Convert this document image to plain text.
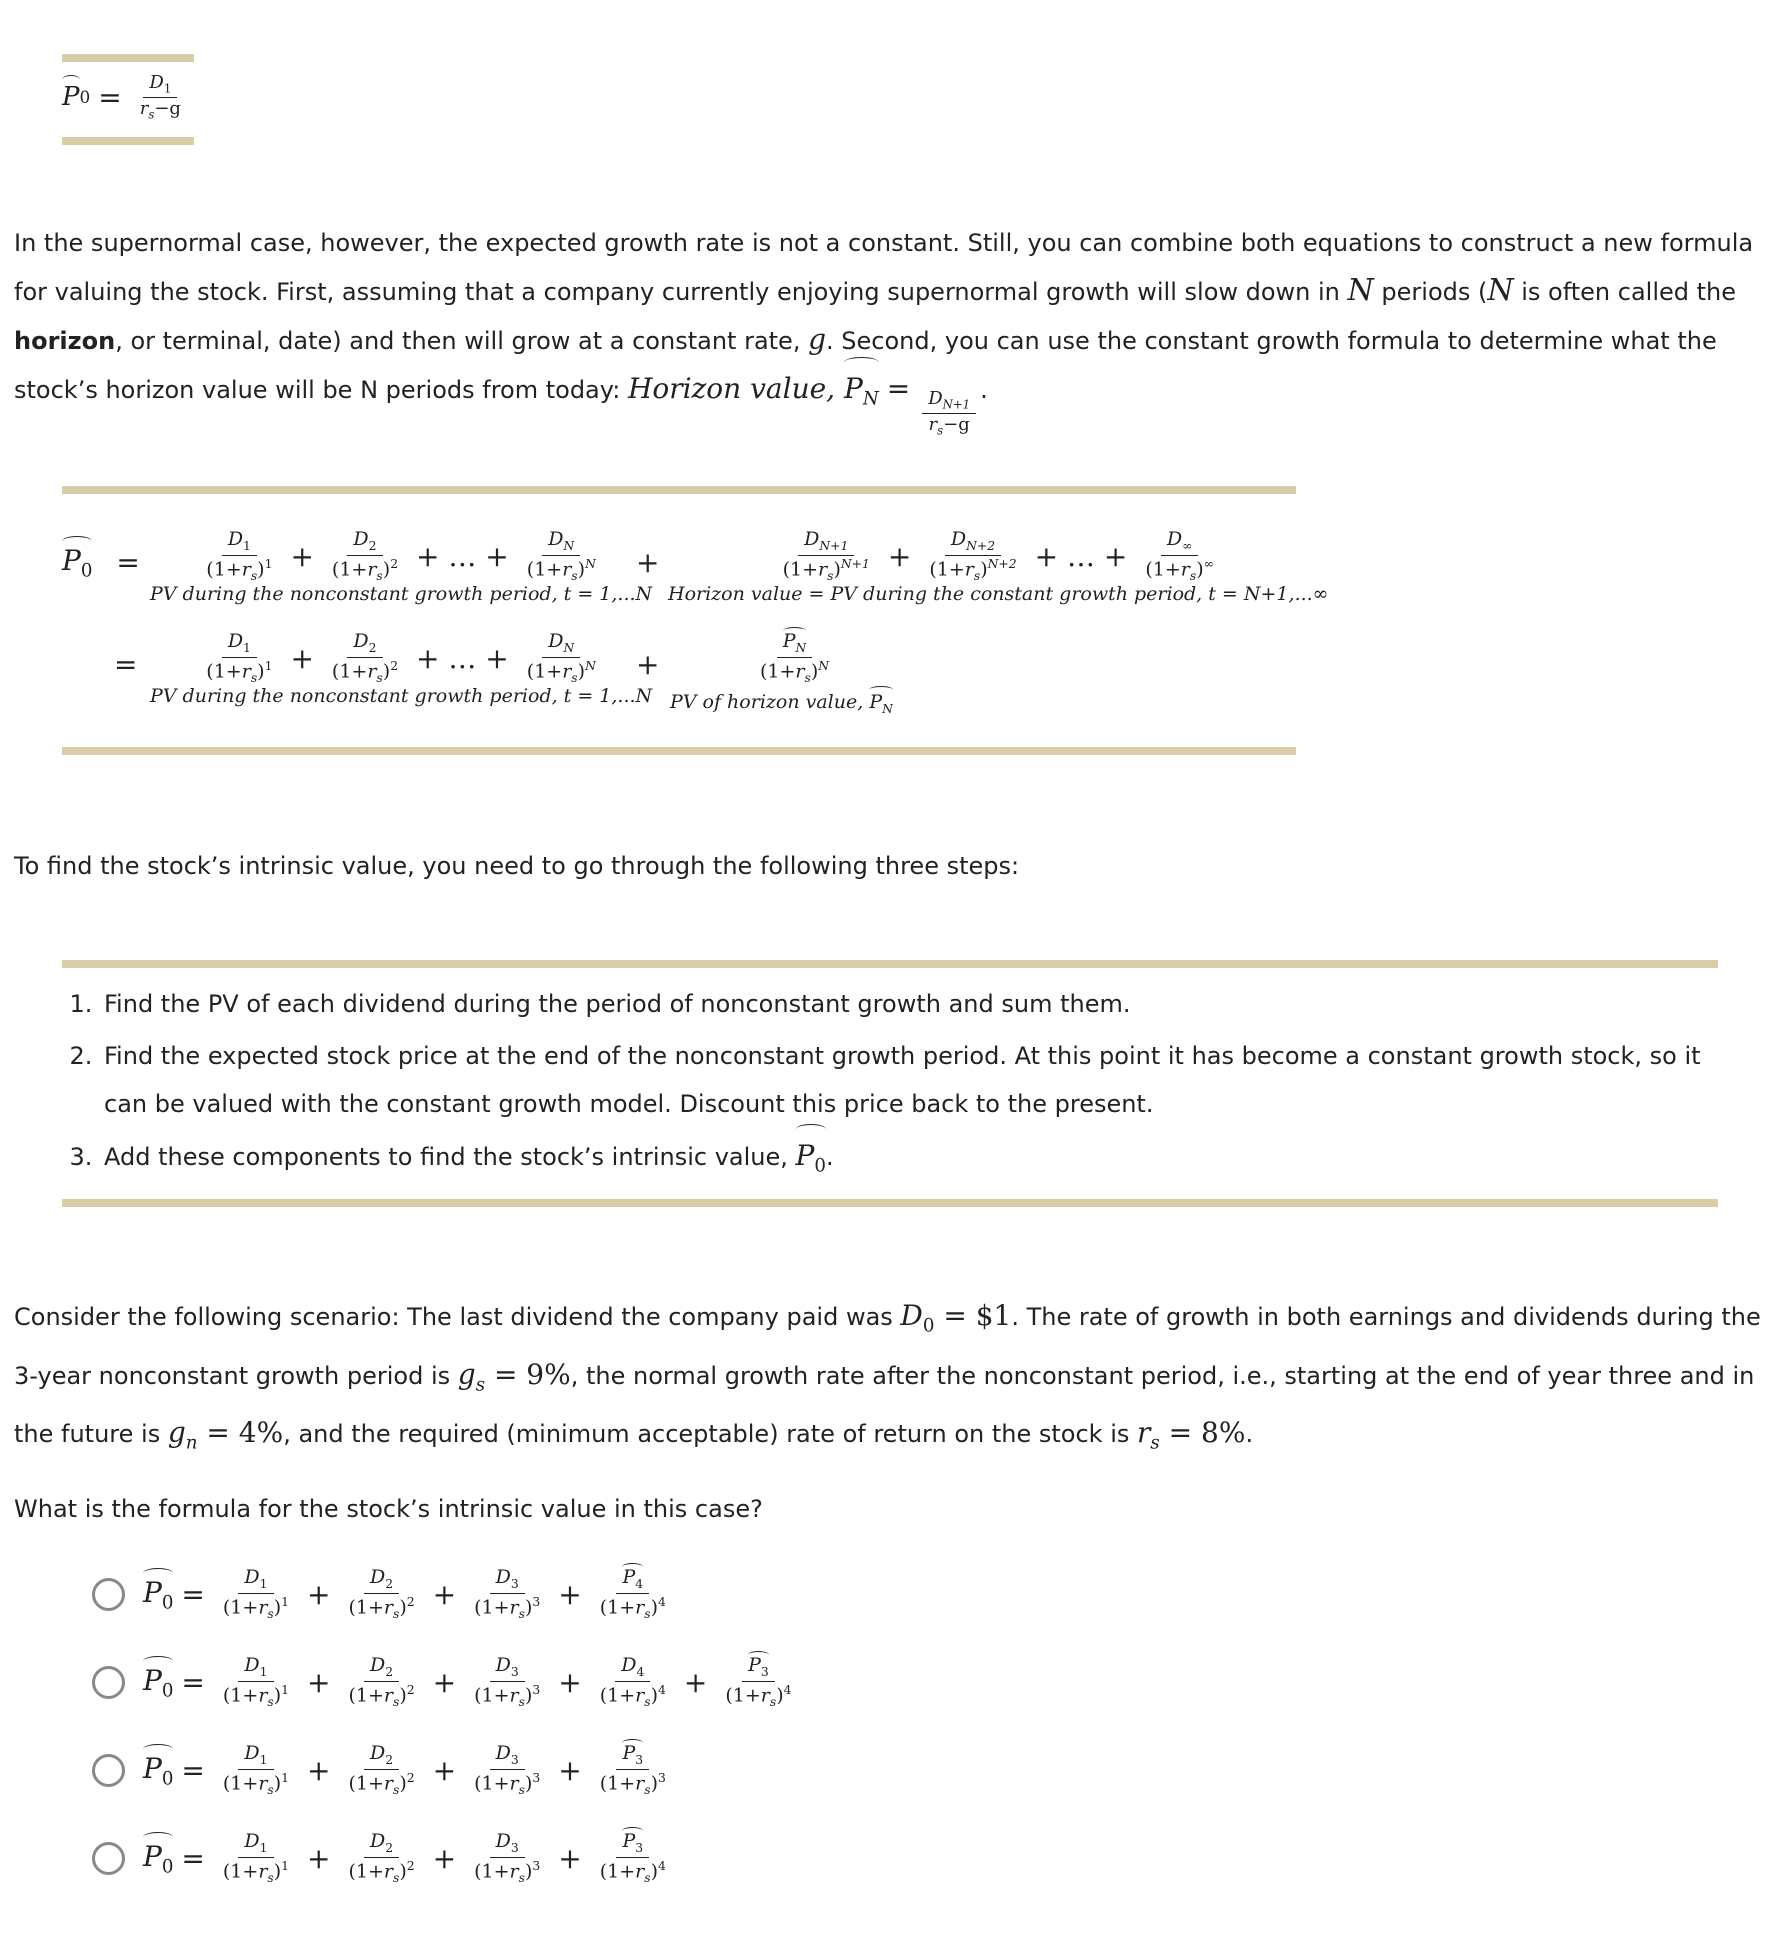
P $0 = \frac{D_1}{r_s-g}$
In the supernormal case, however, the expected growth rate is not a constant. Still, you can combine both equations to construct a new formula for valuing the stock. First, assuming that a company currently enjoying supernormal growth will slow down in N periods (N is often called the horizon, or terminal, date) and then will grow at a constant rate, g. Second, you can use the constant growth formula to determine what the stock’s horizon value will be N periods from today: Horizon value, $P_N$ =
$\frac{D_{N+1}}{r_s-g}$ .
$P_0$ =	$\frac{D_1}{(1+r_s)^1} + \frac{D_2}{(1+r_s)^2}$ + … + $\frac{D_N}{(1+r_s)^N}$
PV during the nonconstant growth period, t = 1,...N
+	$\frac{D_{N+1}}{(1+r_s)^{N+1}} + \frac{D_{N+2}}{(1+r_s)^{N+2}}$ + … + $\frac{D_\infty}{(1+r_s)^\infty}$
Horizon value = PV during the constant growth period, t = N+1,...∞
=	$\frac{D_1}{(1+r_s)^1} + \frac{D_2}{(1+r_s)^2}$ + … + $\frac{D_N}{(1+r_s)^N}$
PV during the nonconstant growth period, t = 1,...N
+	$\frac{P_N}{(1+r_s)^N}$
PV of horizon value, $P_N$
To find the stock’s intrinsic value, you need to go through the following three steps:
1. Find the PV of each dividend during the period of nonconstant growth and sum them.
2. Find the expected stock price at the end of the nonconstant growth period. At this point it has become a constant growth stock, so it can be valued with the constant growth model. Discount this price back to the present.
3. Add these components to find the stock’s intrinsic value, $P_0$.
Consider the following scenario: The last dividend the company paid was $D_0$ = $1. The rate of growth in both earnings and dividends during the 3-year nonconstant growth period is $g_s = 9\%$, the normal growth rate after the nonconstant period, i.e., starting at the end of year three and in the future is $g_n = 4\%$, and the required (minimum acceptable) rate of return on the stock is $r_s = 8\%$.
What is the formula for the stock’s intrinsic value in this case?
$P_0 = \frac{D_1}{(1+r_s)^1} + \frac{D_2}{(1+r_s)^2} + \frac{D_3}{(1+r_s)^3} + \frac{P_4}{(1+r_s)^4}$
$P_0 = \frac{D_1}{(1+r_s)^1} + \frac{D_2}{(1+r_s)^2} + \frac{D_3}{(1+r_s)^3} + \frac{D_4}{(1+r_s)^4} + \frac{P_3}{(1+r_s)^4}$
$P_0 = \frac{D_1}{(1+r_s)^1} + \frac{D_2}{(1+r_s)^2} + \frac{D_3}{(1+r_s)^3} + \frac{P_3}{(1+r_s)^3}$
$P_0 = \frac{D_1}{(1+r_s)^1} + \frac{D_2}{(1+r_s)^2} + \frac{D_3}{(1+r_s)^3} + \frac{P_3}{(1+r_s)^4}$
